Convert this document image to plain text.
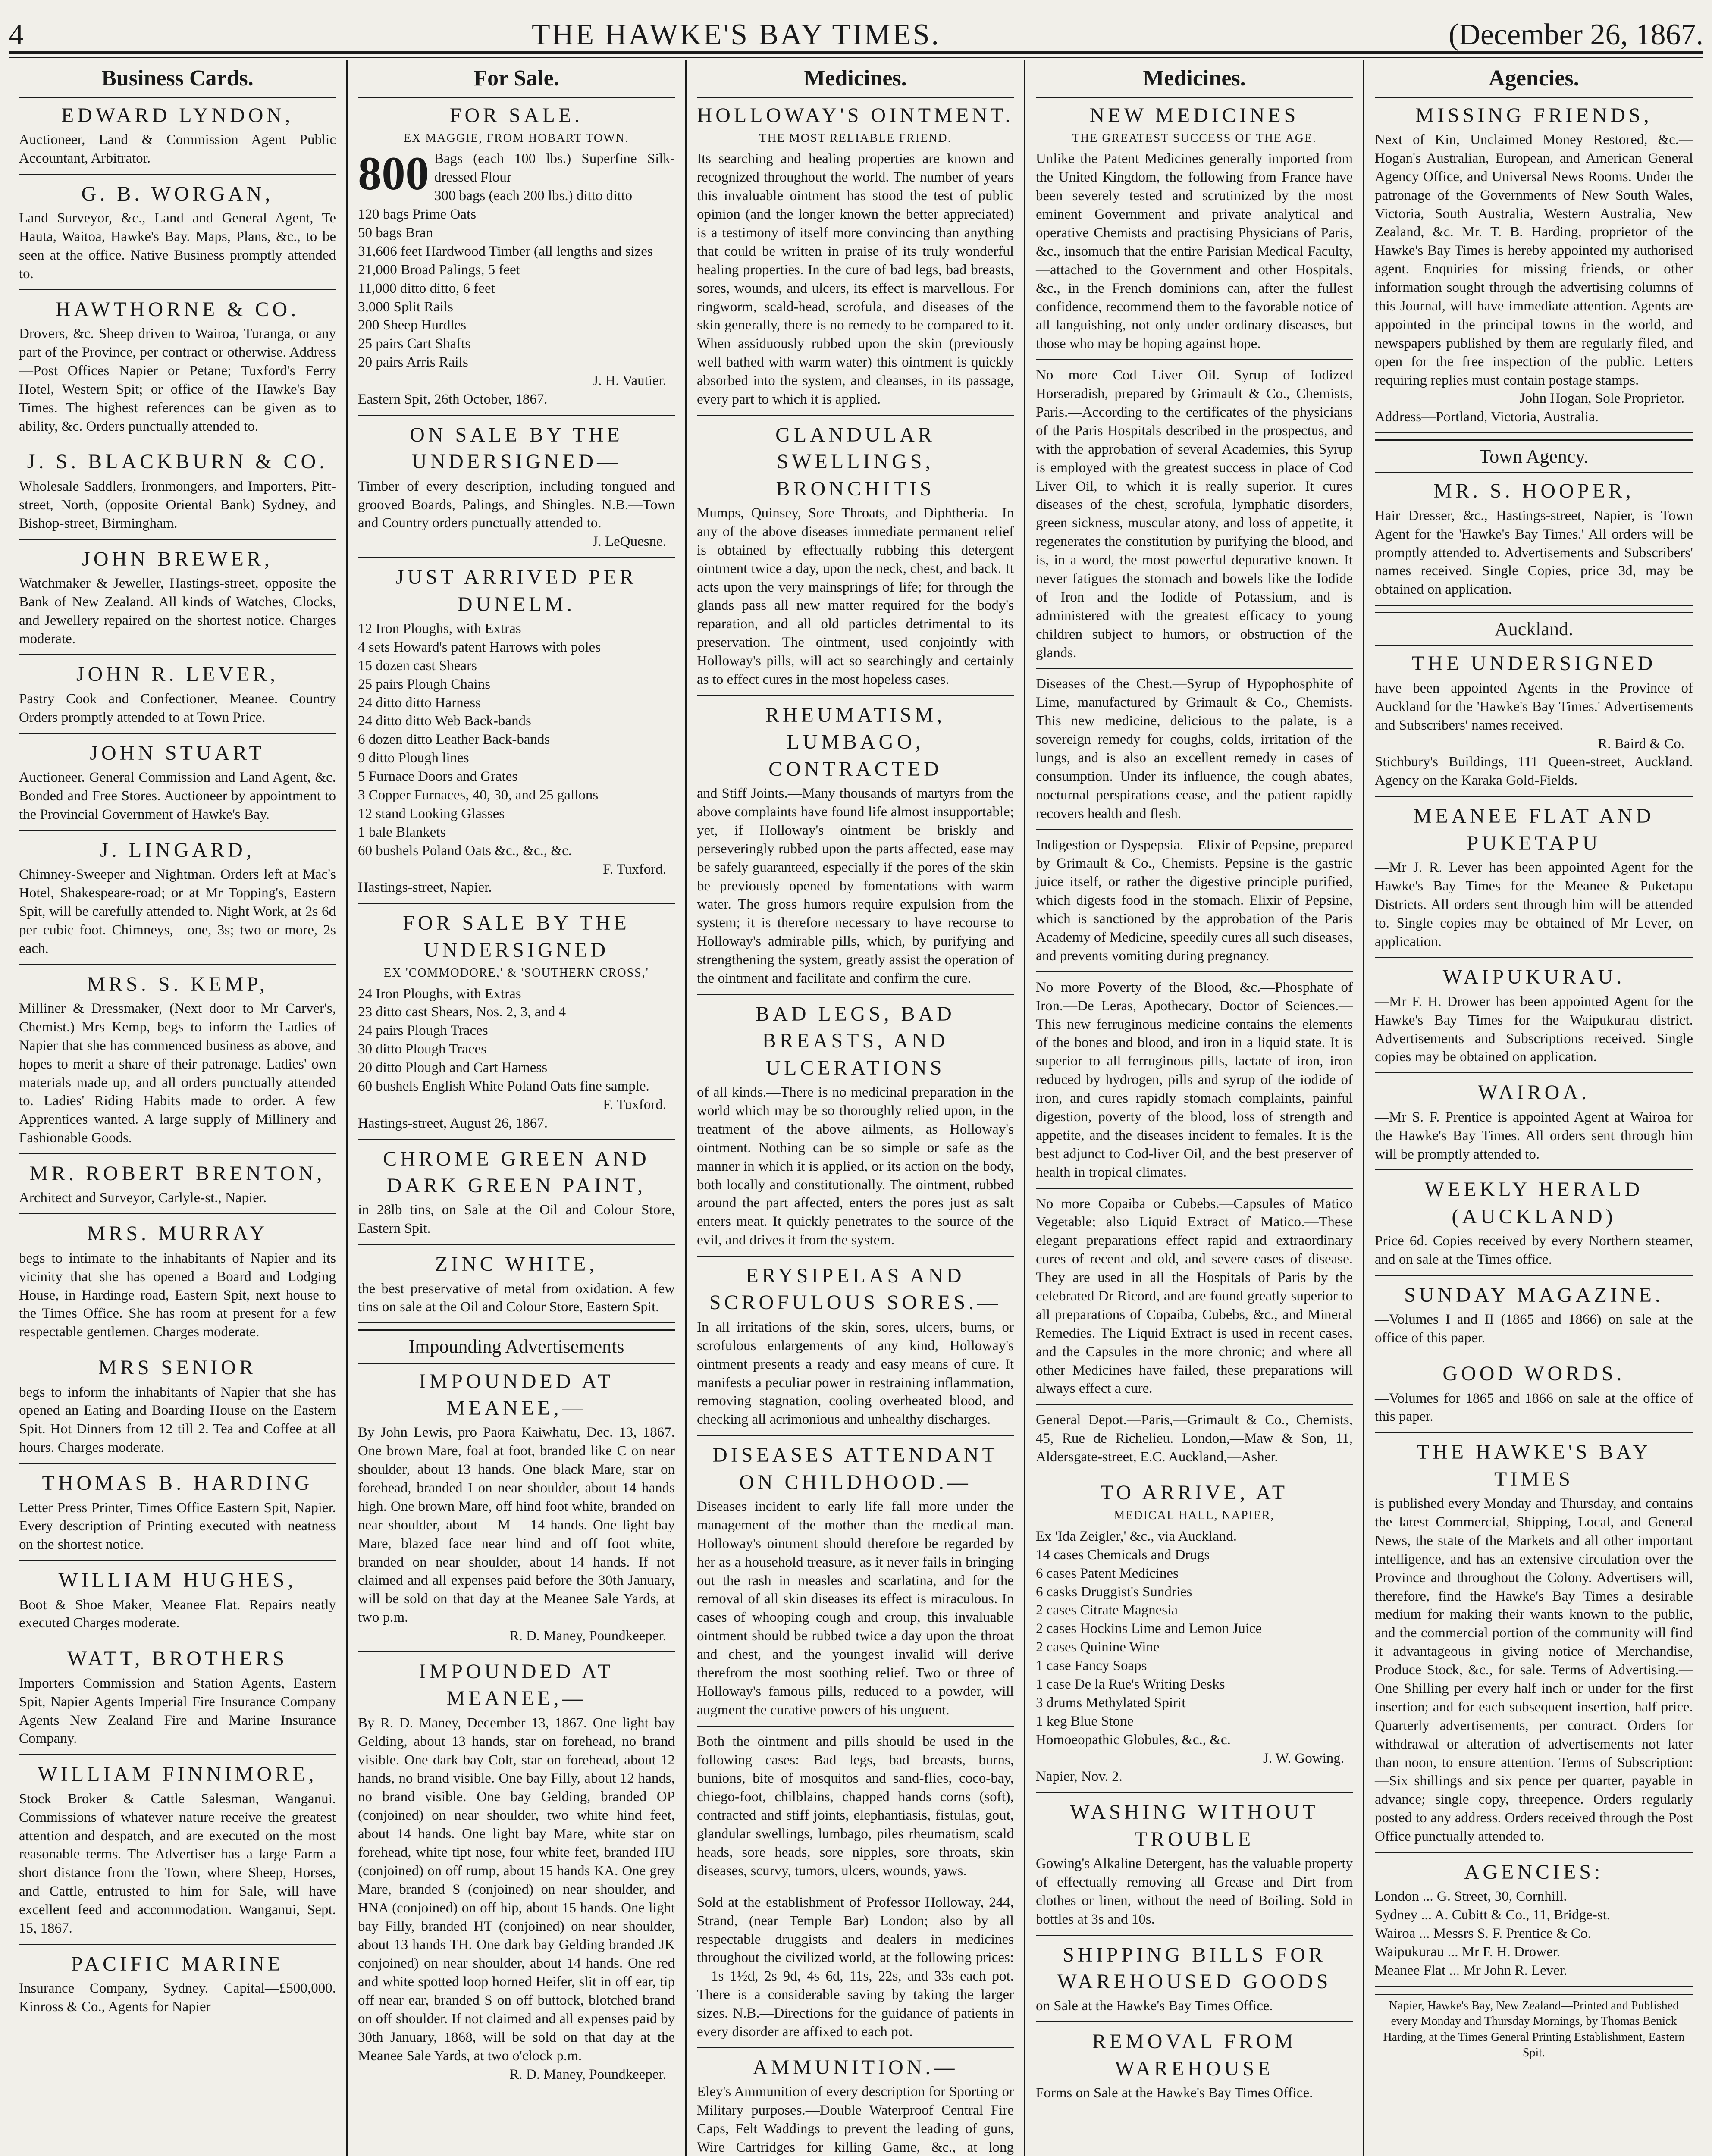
4	THE HAWKE'S BAY TIMES.	(December 26, 1867.
Business Cards.
EDWARD LYNDON,
Auctioneer, Land & Commission Agent Public Accountant, Arbitrator.
G. B. WORGAN,
Land Surveyor, &c., Land and General Agent, Te Hauta, Waitoa, Hawke's Bay. Maps, Plans, &c., to be seen at the office. Native Business promptly attended to.
HAWTHORNE & CO.
Drovers, &c. Sheep driven to Wairoa, Turanga, or any part of the Province, per contract or otherwise. Address—Post Offices Napier or Petane; Tuxford's Ferry Hotel, Western Spit; or office of the Hawke's Bay Times. The highest references can be given as to ability, &c. Orders punctually attended to.
J. S. BLACKBURN & CO.
Wholesale Saddlers, Ironmongers, and Importers, Pitt-street, North, (opposite Oriental Bank) Sydney, and Bishop-street, Birmingham.
JOHN BREWER,
Watchmaker & Jeweller, Hastings-street, opposite the Bank of New Zealand. All kinds of Watches, Clocks, and Jewellery repaired on the shortest notice. Charges moderate.
JOHN R. LEVER,
Pastry Cook and Confectioner, Meanee. Country Orders promptly attended to at Town Price.
JOHN STUART
Auctioneer. General Commission and Land Agent, &c. Bonded and Free Stores. Auctioneer by appointment to the Provincial Government of Hawke's Bay.
J. LINGARD,
Chimney-Sweeper and Nightman. Orders left at Mac's Hotel, Shakespeare-road; or at Mr Topping's, Eastern Spit, will be carefully attended to. Night Work, at 2s 6d per cubic foot. Chimneys,—one, 3s; two or more, 2s each.
MRS. S. KEMP,
Milliner & Dressmaker, (Next door to Mr Carver's, Chemist.) Mrs Kemp, begs to inform the Ladies of Napier that she has commenced business as above, and hopes to merit a share of their patronage. Ladies' own materials made up, and all orders punctually attended to. Ladies' Riding Habits made to order. A few Apprentices wanted. A large supply of Millinery and Fashionable Goods.
MR. ROBERT BRENTON,
Architect and Surveyor, Carlyle-st., Napier.
MRS. MURRAY
begs to intimate to the inhabitants of Napier and its vicinity that she has opened a Board and Lodging House, in Hardinge road, Eastern Spit, next house to the Times Office. She has room at present for a few respectable gentlemen. Charges moderate.
MRS SENIOR
begs to inform the inhabitants of Napier that she has opened an Eating and Boarding House on the Eastern Spit. Hot Dinners from 12 till 2. Tea and Coffee at all hours. Charges moderate.
THOMAS B. HARDING
Letter Press Printer, Times Office Eastern Spit, Napier. Every description of Printing executed with neatness on the shortest notice.
WILLIAM HUGHES,
Boot & Shoe Maker, Meanee Flat. Repairs neatly executed Charges moderate.
WATT, BROTHERS
Importers Commission and Station Agents, Eastern Spit, Napier Agents Imperial Fire Insurance Company Agents New Zealand Fire and Marine Insurance Company.
WILLIAM FINNIMORE,
Stock Broker & Cattle Salesman, Wanganui. Commissions of whatever nature receive the greatest attention and despatch, and are executed on the most reasonable terms. The Advertiser has a large Farm a short distance from the Town, where Sheep, Horses, and Cattle, entrusted to him for Sale, will have excellent feed and accommodation. Wanganui, Sept. 15, 1867.
PACIFIC MARINE
Insurance Company, Sydney. Capital—£500,000. Kinross & Co., Agents for Napier
For Sale.
FOR SALE.
EX MAGGIE, FROM HOBART TOWN.
800 Bags (each 100 lbs.) Superfine Silk-dressed Flour
300 bags (each 200 lbs.) ditto ditto
120 bags Prime Oats
50 bags Bran
31,606 feet Hardwood Timber (all lengths and sizes
21,000 Broad Palings, 5 feet
11,000 ditto ditto, 6 feet
3,000 Split Rails
200 Sheep Hurdles
25 pairs Cart Shafts
20 pairs Arris Rails
J. H. Vautier.
Eastern Spit, 26th October, 1867.
ON SALE BY THE UNDERSIGNED—
Timber of every description, including tongued and grooved Boards, Palings, and Shingles. N.B.—Town and Country orders punctually attended to.
J. LeQuesne.
JUST ARRIVED PER DUNELM.
12 Iron Ploughs, with Extras
4 sets Howard's patent Harrows with poles
15 dozen cast Shears
25 pairs Plough Chains
24 ditto ditto Harness
24 ditto ditto Web Back-bands
6 dozen ditto Leather Back-bands
9 ditto Plough lines
5 Furnace Doors and Grates
3 Copper Furnaces, 40, 30, and 25 gallons
12 stand Looking Glasses
1 bale Blankets
60 bushels Poland Oats &c., &c., &c.
F. Tuxford.
Hastings-street, Napier.
FOR SALE BY THE UNDERSIGNED
EX 'COMMODORE,' & 'SOUTHERN CROSS,'
24 Iron Ploughs, with Extras
23 ditto cast Shears, Nos. 2, 3, and 4
24 pairs Plough Traces
30 ditto Plough Traces
20 ditto Plough and Cart Harness
60 bushels English White Poland Oats fine sample.
F. Tuxford.
Hastings-street, August 26, 1867.
CHROME GREEN AND DARK GREEN PAINT,
in 28lb tins, on Sale at the Oil and Colour Store, Eastern Spit.
ZINC WHITE,
the best preservative of metal from oxidation. A few tins on sale at the Oil and Colour Store, Eastern Spit.
Impounding Advertisements
IMPOUNDED AT MEANEE,—
By John Lewis, pro Paora Kaiwhatu, Dec. 13, 1867. One brown Mare, foal at foot, branded like C on near shoulder, about 13 hands. One black Mare, star on forehead, branded I on near shoulder, about 14 hands high. One brown Mare, off hind foot white, branded on near shoulder, about —M— 14 hands. One light bay Mare, blazed face near hind and off foot white, branded on near shoulder, about 14 hands. If not claimed and all expenses paid before the 30th January, will be sold on that day at the Meanee Sale Yards, at two p.m.
R. D. Maney, Poundkeeper.
IMPOUNDED AT MEANEE,—
By R. D. Maney, December 13, 1867. One light bay Gelding, about 13 hands, star on forehead, no brand visible. One dark bay Colt, star on forehead, about 12 hands, no brand visible. One bay Filly, about 12 hands, no brand visible. One bay Gelding, branded OP (conjoined) on near shoulder, two white hind feet, about 14 hands. One light bay Mare, white star on forehead, white tipt nose, four white feet, branded HU (conjoined) on off rump, about 15 hands KA. One grey Mare, branded S (conjoined) on near shoulder, and HNA (conjoined) on off hip, about 15 hands. One light bay Filly, branded HT (conjoined) on near shoulder, about 13 hands TH. One dark bay Gelding branded JK conjoined) on near shoulder, about 14 hands. One red and white spotted loop horned Heifer, slit in off ear, tip off near ear, branded S on off buttock, blotched brand on off shoulder. If not claimed and all expenses paid by 30th January, 1868, will be sold on that day at the Meanee Sale Yards, at two o'clock p.m.
R. D. Maney, Poundkeeper.
Medicines.
HOLLOWAY'S OINTMENT.
THE MOST RELIABLE FRIEND.
Its searching and healing properties are known and recognized throughout the world. The number of years this invaluable ointment has stood the test of public opinion (and the longer known the better appreciated) is a testimony of itself more convincing than anything that could be written in praise of its truly wonderful healing properties. In the cure of bad legs, bad breasts, sores, wounds, and ulcers, its effect is marvellous. For ringworm, scald-head, scrofula, and diseases of the skin generally, there is no remedy to be compared to it. When assiduously rubbed upon the skin (previously well bathed with warm water) this ointment is quickly absorbed into the system, and cleanses, in its passage, every part to which it is applied.
GLANDULAR SWELLINGS, BRONCHITIS
Mumps, Quinsey, Sore Throats, and Diphtheria.—In any of the above diseases immediate permanent relief is obtained by effectually rubbing this detergent ointment twice a day, upon the neck, chest, and back. It acts upon the very mainsprings of life; for through the glands pass all new matter required for the body's reparation, and all old particles detrimental to its preservation. The ointment, used conjointly with Holloway's pills, will act so searchingly and certainly as to effect cures in the most hopeless cases.
RHEUMATISM, LUMBAGO, CONTRACTED
and Stiff Joints.—Many thousands of martyrs from the above complaints have found life almost insupportable; yet, if Holloway's ointment be briskly and perseveringly rubbed upon the parts affected, ease may be safely guaranteed, especially if the pores of the skin be previously opened by fomentations with warm water. The gross humors require expulsion from the system; it is therefore necessary to have recourse to Holloway's admirable pills, which, by purifying and strengthening the system, greatly assist the operation of the ointment and facilitate and confirm the cure.
BAD LEGS, BAD BREASTS, AND ULCERATIONS
of all kinds.—There is no medicinal preparation in the world which may be so thoroughly relied upon, in the treatment of the above ailments, as Holloway's ointment. Nothing can be so simple or safe as the manner in which it is applied, or its action on the body, both locally and constitutionally. The ointment, rubbed around the part affected, enters the pores just as salt enters meat. It quickly penetrates to the source of the evil, and drives it from the system.
ERYSIPELAS AND SCROFULOUS SORES.—
In all irritations of the skin, sores, ulcers, burns, or scrofulous enlargements of any kind, Holloway's ointment presents a ready and easy means of cure. It manifests a peculiar power in restraining inflammation, removing stagnation, cooling overheated blood, and checking all acrimonious and unhealthy discharges.
DISEASES ATTENDANT ON CHILDHOOD.—
Diseases incident to early life fall more under the management of the mother than the medical man. Holloway's ointment should therefore be regarded by her as a household treasure, as it never fails in bringing out the rash in measles and scarlatina, and for the removal of all skin diseases its effect is miraculous. In cases of whooping cough and croup, this invaluable ointment should be rubbed twice a day upon the throat and chest, and the youngest invalid will derive therefrom the most soothing relief. Two or three of Holloway's famous pills, reduced to a powder, will augment the curative powers of his unguent.
Both the ointment and pills should be used in the following cases:—Bad legs, bad breasts, burns, bunions, bite of mosquitos and sand-flies, coco-bay, chiego-foot, chilblains, chapped hands corns (soft), contracted and stiff joints, elephantiasis, fistulas, gout, glandular swellings, lumbago, piles rheumatism, scald heads, sore heads, sore nipples, sore throats, skin diseases, scurvy, tumors, ulcers, wounds, yaws.
Sold at the establishment of Professor Holloway, 244, Strand, (near Temple Bar) London; also by all respectable druggists and dealers in medicines throughout the civilized world, at the following prices:—1s 1½d, 2s 9d, 4s 6d, 11s, 22s, and 33s each pot. There is a considerable saving by taking the larger sizes. N.B.—Directions for the guidance of patients in every disorder are affixed to each pot.
AMMUNITION.—
Eley's Ammunition of every description for Sporting or Military purposes.—Double Waterproof Central Fire Caps, Felt Waddings to prevent the leading of guns, Wire Cartridges for killing Game, &c., at long
Medicines.
NEW MEDICINES
THE GREATEST SUCCESS OF THE AGE.
Unlike the Patent Medicines generally imported from the United Kingdom, the following from France have been severely tested and scrutinized by the most eminent Government and private analytical and operative Chemists and practising Physicians of Paris, &c., insomuch that the entire Parisian Medical Faculty,—attached to the Government and other Hospitals, &c., in the French dominions can, after the fullest confidence, recommend them to the favorable notice of all languishing, not only under ordinary diseases, but those who may be hoping against hope.
No more Cod Liver Oil.—Syrup of Iodized Horseradish, prepared by Grimault & Co., Chemists, Paris.—According to the certificates of the physicians of the Paris Hospitals described in the prospectus, and with the approbation of several Academies, this Syrup is employed with the greatest success in place of Cod Liver Oil, to which it is really superior. It cures diseases of the chest, scrofula, lymphatic disorders, green sickness, muscular atony, and loss of appetite, it regenerates the constitution by purifying the blood, and is, in a word, the most powerful depurative known. It never fatigues the stomach and bowels like the Iodide of Iron and the Iodide of Potassium, and is administered with the greatest efficacy to young children subject to humors, or obstruction of the glands.
Diseases of the Chest.—Syrup of Hypophosphite of Lime, manufactured by Grimault & Co., Chemists. This new medicine, delicious to the palate, is a sovereign remedy for coughs, colds, irritation of the lungs, and is also an excellent remedy in cases of consumption. Under its influence, the cough abates, nocturnal perspirations cease, and the patient rapidly recovers health and flesh.
Indigestion or Dyspepsia.—Elixir of Pepsine, prepared by Grimault & Co., Chemists. Pepsine is the gastric juice itself, or rather the digestive principle purified, which digests food in the stomach. Elixir of Pepsine, which is sanctioned by the approbation of the Paris Academy of Medicine, speedily cures all such diseases, and prevents vomiting during pregnancy.
No more Poverty of the Blood, &c.—Phosphate of Iron.—De Leras, Apothecary, Doctor of Sciences.—This new ferruginous medicine contains the elements of the bones and blood, and iron in a liquid state. It is superior to all ferruginous pills, lactate of iron, iron reduced by hydrogen, pills and syrup of the iodide of iron, and cures rapidly stomach complaints, painful digestion, poverty of the blood, loss of strength and appetite, and the diseases incident to females. It is the best adjunct to Cod-liver Oil, and the best preserver of health in tropical climates.
No more Copaiba or Cubebs.—Capsules of Matico Vegetable; also Liquid Extract of Matico.—These elegant preparations effect rapid and extraordinary cures of recent and old, and severe cases of disease. They are used in all the Hospitals of Paris by the celebrated Dr Ricord, and are found greatly superior to all preparations of Copaiba, Cubebs, &c., and Mineral Remedies. The Liquid Extract is used in recent cases, and the Capsules in the more chronic; and where all other Medicines have failed, these preparations will always effect a cure.
General Depot.—Paris,—Grimault & Co., Chemists, 45, Rue de Richelieu. London,—Maw & Son, 11, Aldersgate-street, E.C. Auckland,—Asher.
TO ARRIVE, AT
MEDICAL HALL, NAPIER,
Ex 'Ida Zeigler,' &c., via Auckland.
14 cases Chemicals and Drugs
6 cases Patent Medicines
6 casks Druggist's Sundries
2 cases Citrate Magnesia
2 cases Hockins Lime and Lemon Juice
2 cases Quinine Wine
1 case Fancy Soaps
1 case De la Rue's Writing Desks
3 drums Methylated Spirit
1 keg Blue Stone
Homoeopathic Globules, &c., &c.
J. W. Gowing.
Napier, Nov. 2.
WASHING WITHOUT TROUBLE
Gowing's Alkaline Detergent, has the valuable property of effectually removing all Grease and Dirt from clothes or linen, without the need of Boiling. Sold in bottles at 3s and 10s.
SHIPPING BILLS FOR WAREHOUSED GOODS
on Sale at the Hawke's Bay Times Office.
REMOVAL FROM WAREHOUSE
Forms on Sale at the Hawke's Bay Times Office.
Agencies.
MISSING FRIENDS,
Next of Kin, Unclaimed Money Restored, &c.—Hogan's Australian, European, and American General Agency Office, and Universal News Rooms. Under the patronage of the Governments of New South Wales, Victoria, South Australia, Western Australia, New Zealand, &c. Mr. T. B. Harding, proprietor of the Hawke's Bay Times is hereby appointed my authorised agent. Enquiries for missing friends, or other information sought through the advertising columns of this Journal, will have immediate attention. Agents are appointed in the principal towns in the world, and newspapers published by them are regularly filed, and open for the free inspection of the public. Letters requiring replies must contain postage stamps.
John Hogan, Sole Proprietor.
Address—Portland, Victoria, Australia.
Town Agency.
MR. S. HOOPER,
Hair Dresser, &c., Hastings-street, Napier, is Town Agent for the 'Hawke's Bay Times.' All orders will be promptly attended to. Advertisements and Subscribers' names received. Single Copies, price 3d, may be obtained on application.
Auckland.
THE UNDERSIGNED
have been appointed Agents in the Province of Auckland for the 'Hawke's Bay Times.' Advertisements and Subscribers' names received.
R. Baird & Co.
Stichbury's Buildings, 111 Queen-street, Auckland. Agency on the Karaka Gold-Fields.
MEANEE FLAT AND PUKETAPU
—Mr J. R. Lever has been appointed Agent for the Hawke's Bay Times for the Meanee & Puketapu Districts. All orders sent through him will be attended to. Single copies may be obtained of Mr Lever, on application.
WAIPUKURAU.
—Mr F. H. Drower has been appointed Agent for the Hawke's Bay Times for the Waipukurau district. Advertisements and Subscriptions received. Single copies may be obtained on application.
WAIROA.
—Mr S. F. Prentice is appointed Agent at Wairoa for the Hawke's Bay Times. All orders sent through him will be promptly attended to.
WEEKLY HERALD (AUCKLAND)
Price 6d. Copies received by every Northern steamer, and on sale at the Times office.
SUNDAY MAGAZINE.
—Volumes I and II (1865 and 1866) on sale at the office of this paper.
GOOD WORDS.
—Volumes for 1865 and 1866 on sale at the office of this paper.
THE HAWKE'S BAY TIMES
is published every Monday and Thursday, and contains the latest Commercial, Shipping, Local, and General News, the state of the Markets and all other important intelligence, and has an extensive circulation over the Province and throughout the Colony. Advertisers will, therefore, find the Hawke's Bay Times a desirable medium for making their wants known to the public, and the commercial portion of the community will find it advantageous in giving notice of Merchandise, Produce Stock, &c., for sale. Terms of Advertising.—One Shilling per every half inch or under for the first insertion; and for each subsequent insertion, half price. Quarterly advertisements, per contract. Orders for withdrawal or alteration of advertisements not later than noon, to ensure attention. Terms of Subscription:—Six shillings and six pence per quarter, payable in advance; single copy, threepence. Orders regularly posted to any address. Orders received through the Post Office punctually attended to.
AGENCIES:
London ... G. Street, 30, Cornhill.
Sydney ... A. Cubitt & Co., 11, Bridge-st.
Wairoa ... Messrs S. F. Prentice & Co.
Waipukurau ... Mr F. H. Drower.
Meanee Flat ... Mr John R. Lever.
Napier, Hawke's Bay, New Zealand—Printed and Published every Monday and Thursday Mornings, by Thomas Benick Harding, at the Times General Printing Establishment, Eastern Spit.
